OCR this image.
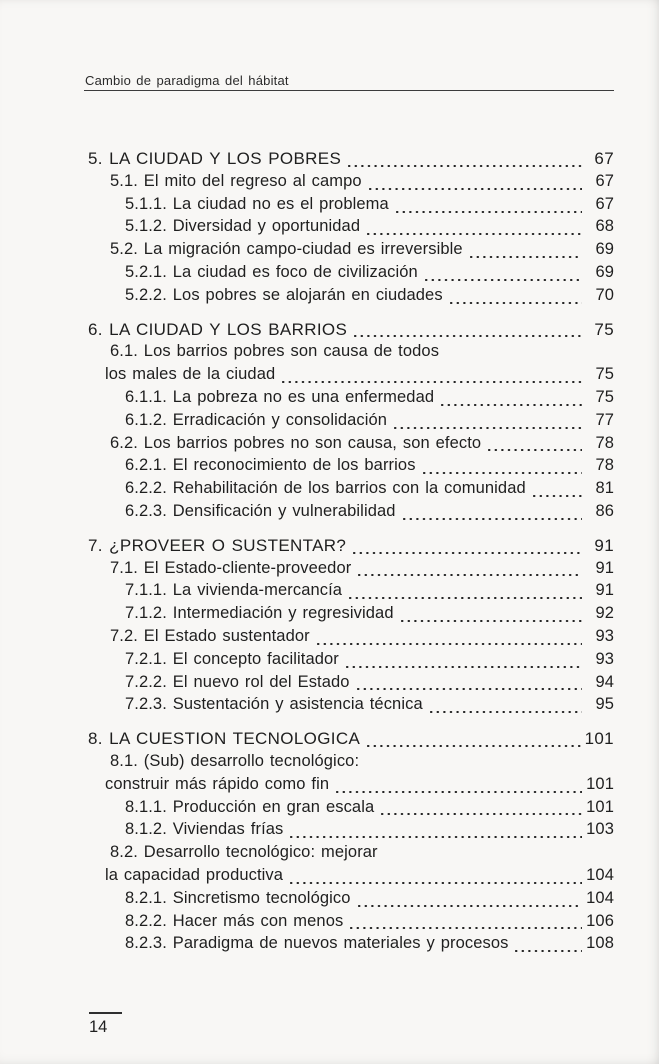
Cambio de paradigma del hábitat
5. LA CIUDAD Y LOS POBRES	67
5.1. El mito del regreso al campo	67
5.1.1. La ciudad no es el problema	67
5.1.2. Diversidad y oportunidad	68
5.2. La migración campo-ciudad es irreversible	69
5.2.1. La ciudad es foco de civilización	69
5.2.2. Los pobres se alojarán en ciudades	70
6. LA CIUDAD Y LOS BARRIOS	75
6.1. Los barrios pobres son causa de todos
los males de la ciudad	75
6.1.1. La pobreza no es una enfermedad	75
6.1.2. Erradicación y consolidación	77
6.2. Los barrios pobres no son causa, son efecto	78
6.2.1. El reconocimiento de los barrios	78
6.2.2. Rehabilitación de los barrios con la comunidad	81
6.2.3. Densificación y vulnerabilidad	86
7. ¿PROVEER O SUSTENTAR?	91
7.1. El Estado-cliente-proveedor	91
7.1.1. La vivienda-mercancía	91
7.1.2. Intermediación y regresividad	92
7.2. El Estado sustentador	93
7.2.1. El concepto facilitador	93
7.2.2. El nuevo rol del Estado	94
7.2.3. Sustentación y asistencia técnica	95
8. LA CUESTION TECNOLOGICA	101
8.1. (Sub) desarrollo tecnológico:
construir más rápido como fin	101
8.1.1. Producción en gran escala	101
8.1.2. Viviendas frías	103
8.2. Desarrollo tecnológico: mejorar
la capacidad productiva	104
8.2.1. Sincretismo tecnológico	104
8.2.2. Hacer más con menos	106
8.2.3. Paradigma de nuevos materiales y procesos	108
14
